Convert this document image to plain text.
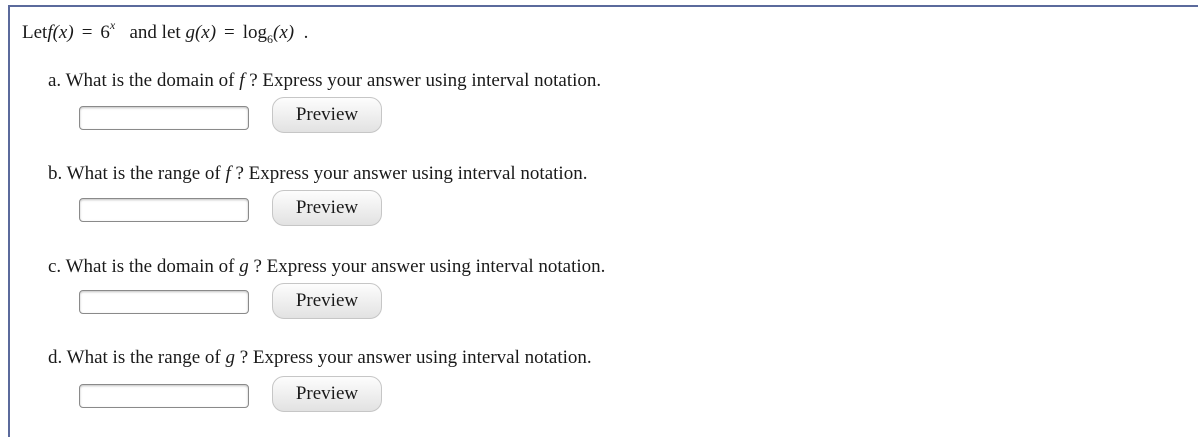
Letf(x) = $6^x$ and let $g(x) = \log_6(x)$ .
a. What is the domain of f ? Express your answer using interval notation.
Preview
b. What is the range of f ? Express your answer using interval notation.
Preview
c. What is the domain of g ? Express your answer using interval notation.
Preview
d. What is the range of g ? Express your answer using interval notation.
Preview
